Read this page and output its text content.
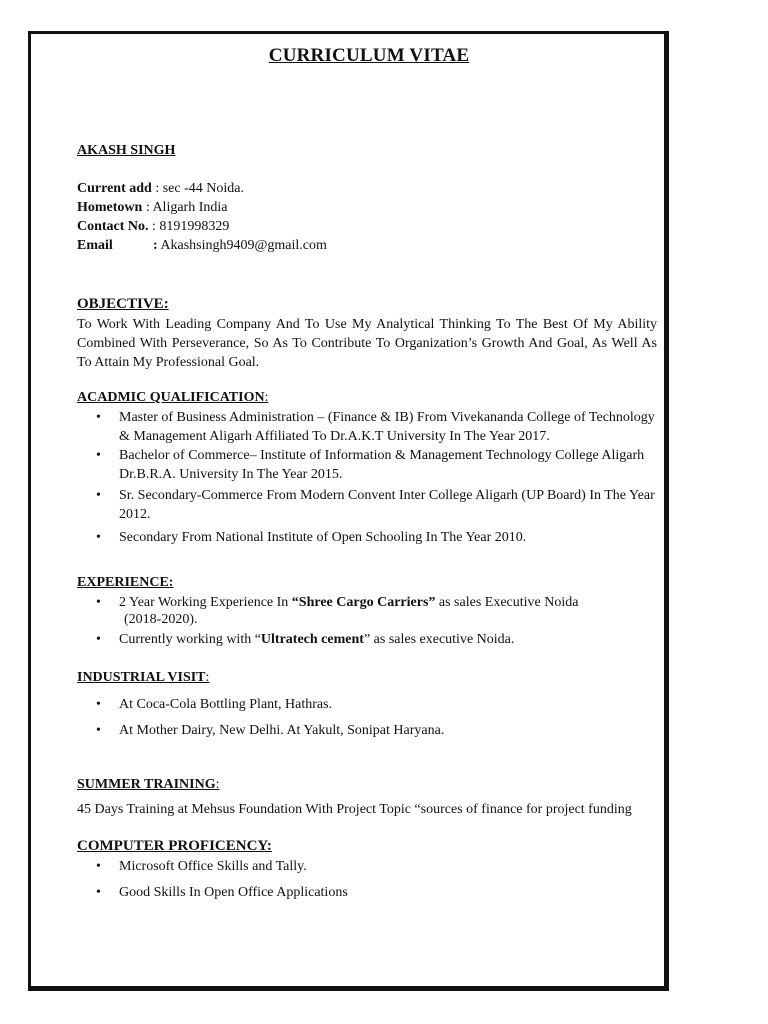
CURRICULUM VITAE
AKASH SINGH
Current add : sec -44 Noida.
Hometown : Aligarh India
Contact No. : 8191998329
Email	: Akashsingh9409@gmail.com
OBJECTIVE:
To Work With Leading Company And To Use My Analytical Thinking To The Best Of My Ability
Combined With Perseverance, So As To Contribute To Organization’s Growth And Goal, As Well As
To Attain My Professional Goal.
ACADMIC QUALIFICATION:
• Master of Business Administration – (Finance & IB) From Vivekananda College of Technology
& Management Aligarh Affiliated To Dr.A.K.T University In The Year 2017.
• Bachelor of Commerce– Institute of Information & Management Technology College Aligarh
Dr.B.R.A. University In The Year 2015.
• Sr. Secondary-Commerce From Modern Convent Inter College Aligarh (UP Board) In The Year
2012.
• Secondary From National Institute of Open Schooling In The Year 2010.
EXPERIENCE:
• 2 Year Working Experience In “Shree Cargo Carriers” as sales Executive Noida
(2018-2020).
• Currently working with “Ultratech cement” as sales executive Noida.
INDUSTRIAL VISIT:
• At Coca-Cola Bottling Plant, Hathras.
• At Mother Dairy, New Delhi. At Yakult, Sonipat Haryana.
SUMMER TRAINING:
45 Days Training at Mehsus Foundation With Project Topic “sources of finance for project funding
COMPUTER PROFICENCY:
• Microsoft Office Skills and Tally.
• Good Skills In Open Office Applications
